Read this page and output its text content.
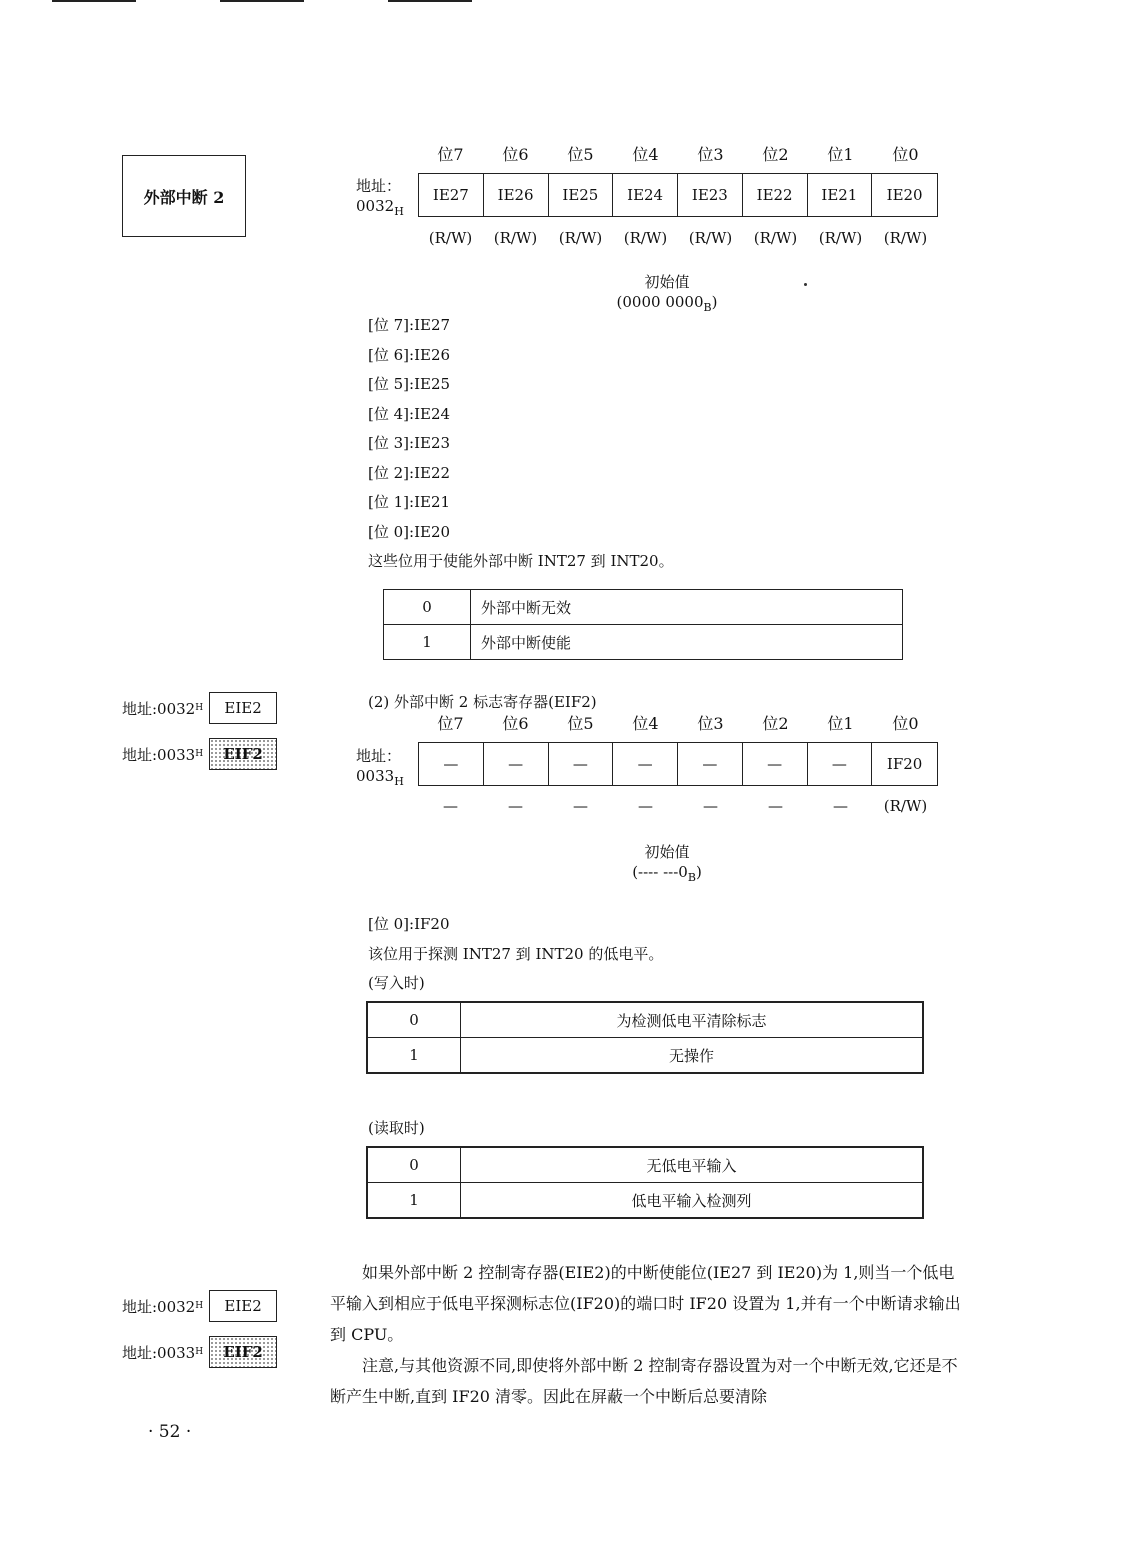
外部中断 2
位7	位6	位5	位4	位3	位2	位1	位0
地址：
$0032_H$
IE27	IE26	IE25	IE24	IE23	IE22	IE21	IE20
(R/W)	(R/W)	(R/W)	(R/W)	(R/W)	(R/W)	(R/W)	(R/W)
初始值
(0000 $0000_B$)
[位 7]:IE27
[位 6]:IE26
[位 5]:IE25
[位 4]:IE24
[位 3]:IE23
[位 2]:IE22
[位 1]:IE21
[位 0]:IE20
这些位用于使能外部中断 INT27 到 INT20。
0	外部中断无效
1	外部中断使能
地址:0032 H	EIE2
地址:0033 H	EIF2
(2) 外部中断 2 标志寄存器(EIF2)
位7	位6	位5	位4	位3	位2	位1	位0
地址：
$0033_H$
—	—	—	—	—	—	—	IF20
—	—	—	—	—	—	—	(R/W)
初始值
(---- $---0_B$)
[位 0]:IF20
该位用于探测 INT27 到 INT20 的低电平。
(写入时)
0	为检测低电平清除标志
1	无操作
(读取时)
0	无低电平输入
1	低电平输入检测列
地址:0032 H	EIE2
地址:0033 H	EIF2

如果外部中断 2 控制寄存器(EIE2)的中断使能位(IE27 到 IE20)为 1,则当一个低电平输入到相应于低电平探测标志位(IF20)的端口时 IF20 设置为 1,并有一个中断请求输出到 CPU。

注意,与其他资源不同,即使将外部中断 2 控制寄存器设置为对一个中断无效,它还是不断产生中断,直到 IF20 清零。因此在屏蔽一个中断后总要清除

· 52 ·
